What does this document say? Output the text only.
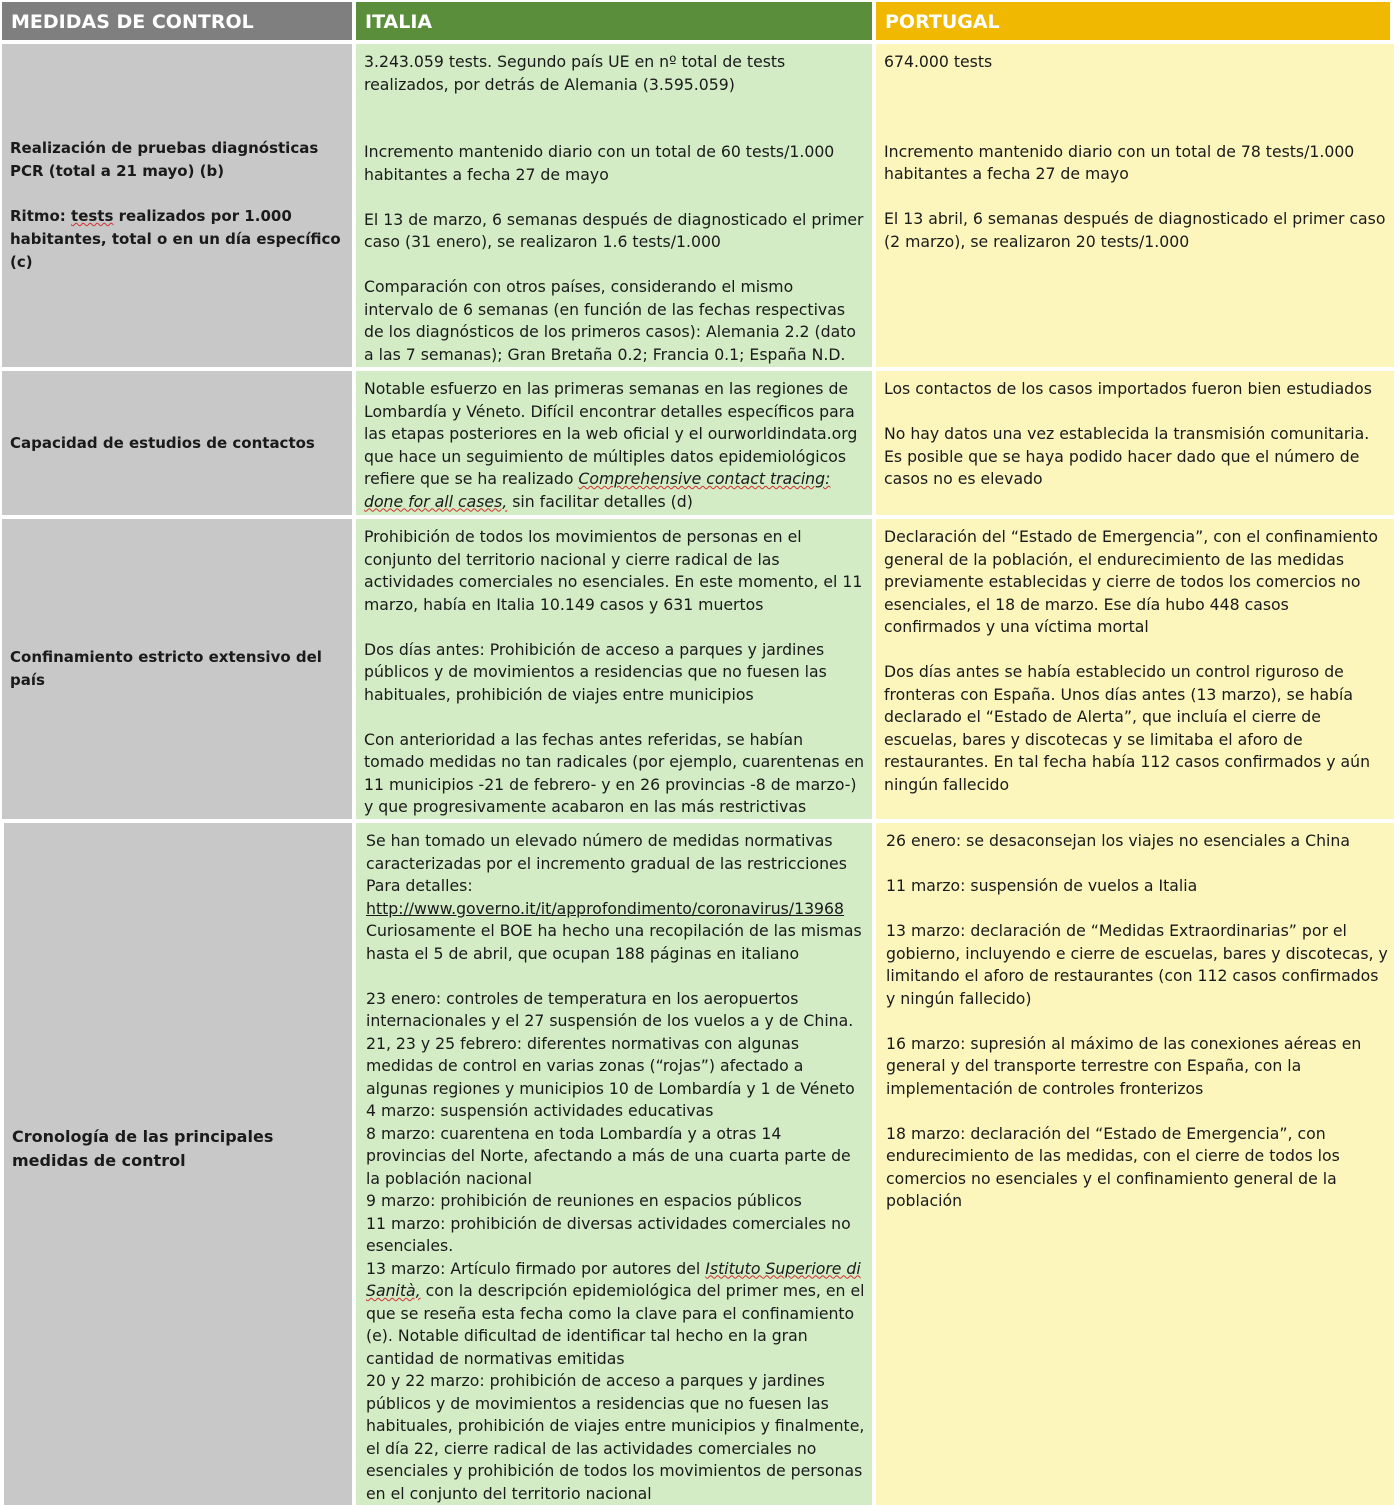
MEDIDAS DE CONTROL	ITALIA	PORTUGAL

Realización de pruebas diagnósticas PCR (total a 21 mayo) (b)

Ritmo: tests realizados por 1.000 habitantes, total o en un día específico (c)

3.243.059 tests. Segundo país UE en nº total de tests realizados, por detrás de Alemania (3.595.059)

Incremento mantenido diario con un total de 60 tests/1.000 habitantes a fecha 27 de mayo

El 13 de marzo, 6 semanas después de diagnosticado el primer caso (31 enero), se realizaron 1.6 tests/1.000

Comparación con otros países, considerando el mismo intervalo de 6 semanas (en función de las fechas respectivas de los diagnósticos de los primeros casos): Alemania 2.2 (dato a las 7 semanas); Gran Bretaña 0.2; Francia 0.1; España N.D.

674.000 tests

Incremento mantenido diario con un total de 78 tests/1.000 habitantes a fecha 27 de mayo

El 13 abril, 6 semanas después de diagnosticado el primer caso (2 marzo), se realizaron 20 tests/1.000

Capacidad de estudios de contactos

Notable esfuerzo en las primeras semanas en las regiones de Lombardía y Véneto. Difícil encontrar detalles específicos para las etapas posteriores en la web oficial y el ourworldindata.org que hace un seguimiento de múltiples datos epidemiológicos refiere que se ha realizado Comprehensive contact tracing: done for all cases, sin facilitar detalles (d)

Los contactos de los casos importados fueron bien estudiados

No hay datos una vez establecida la transmisión comunitaria. Es posible que se haya podido hacer dado que el número de casos no es elevado

Confinamiento estricto extensivo del país

Prohibición de todos los movimientos de personas en el conjunto del territorio nacional y cierre radical de las actividades comerciales no esenciales. En este momento, el 11 marzo, había en Italia 10.149 casos y 631 muertos

Dos días antes: Prohibición de acceso a parques y jardines públicos y de movimientos a residencias que no fuesen las habituales, prohibición de viajes entre municipios

Con anterioridad a las fechas antes referidas, se habían tomado medidas no tan radicales (por ejemplo, cuarentenas en 11 municipios -21 de febrero- y en 26 provincias -8 de marzo-) y que progresivamente acabaron en las más restrictivas

Declaración del “Estado de Emergencia”, con el confinamiento general de la población, el endurecimiento de las medidas previamente establecidas y cierre de todos los comercios no esenciales, el 18 de marzo. Ese día hubo 448 casos confirmados y una víctima mortal

Dos días antes se había establecido un control riguroso de fronteras con España. Unos días antes (13 marzo), se había declarado el “Estado de Alerta”, que incluía el cierre de escuelas, bares y discotecas y se limitaba el aforo de restaurantes. En tal fecha había 112 casos confirmados y aún ningún fallecido

Cronología de las principales medidas de control

Se han tomado un elevado número de medidas normativas caracterizadas por el incremento gradual de las restricciones

Para detalles:

http://www.governo.it/it/approfondimento/coronavirus/13968

Curiosamente el BOE ha hecho una recopilación de las mismas hasta el 5 de abril, que ocupan 188 páginas en italiano

23 enero: controles de temperatura en los aeropuertos internacionales y el 27 suspensión de los vuelos a y de China.

21, 23 y 25 febrero: diferentes normativas con algunas medidas de control en varias zonas (“rojas”) afectado a algunas regiones y municipios 10 de Lombardía y 1 de Véneto

4 marzo: suspensión actividades educativas

8 marzo: cuarentena en toda Lombardía y a otras 14 provincias del Norte, afectando a más de una cuarta parte de la población nacional

9 marzo: prohibición de reuniones en espacios públicos

11 marzo: prohibición de diversas actividades comerciales no esenciales.

13 marzo: Artículo firmado por autores del Istituto Superiore di Sanità, con la descripción epidemiológica del primer mes, en el que se reseña esta fecha como la clave para el confinamiento (e). Notable dificultad de identificar tal hecho en la gran cantidad de normativas emitidas

20 y 22 marzo: prohibición de acceso a parques y jardines públicos y de movimientos a residencias que no fuesen las habituales, prohibición de viajes entre municipios y finalmente, el día 22, cierre radical de las actividades comerciales no esenciales y prohibición de todos los movimientos de personas en el conjunto del territorio nacional

26 enero: se desaconsejan los viajes no esenciales a China

11 marzo: suspensión de vuelos a Italia

13 marzo: declaración de “Medidas Extraordinarias” por el gobierno, incluyendo e cierre de escuelas, bares y discotecas, y limitando el aforo de restaurantes (con 112 casos confirmados y ningún fallecido)

16 marzo: supresión al máximo de las conexiones aéreas en general y del transporte terrestre con España, con la implementación de controles fronterizos

18 marzo: declaración del “Estado de Emergencia”, con endurecimiento de las medidas, con el cierre de todos los comercios no esenciales y el confinamiento general de la población
